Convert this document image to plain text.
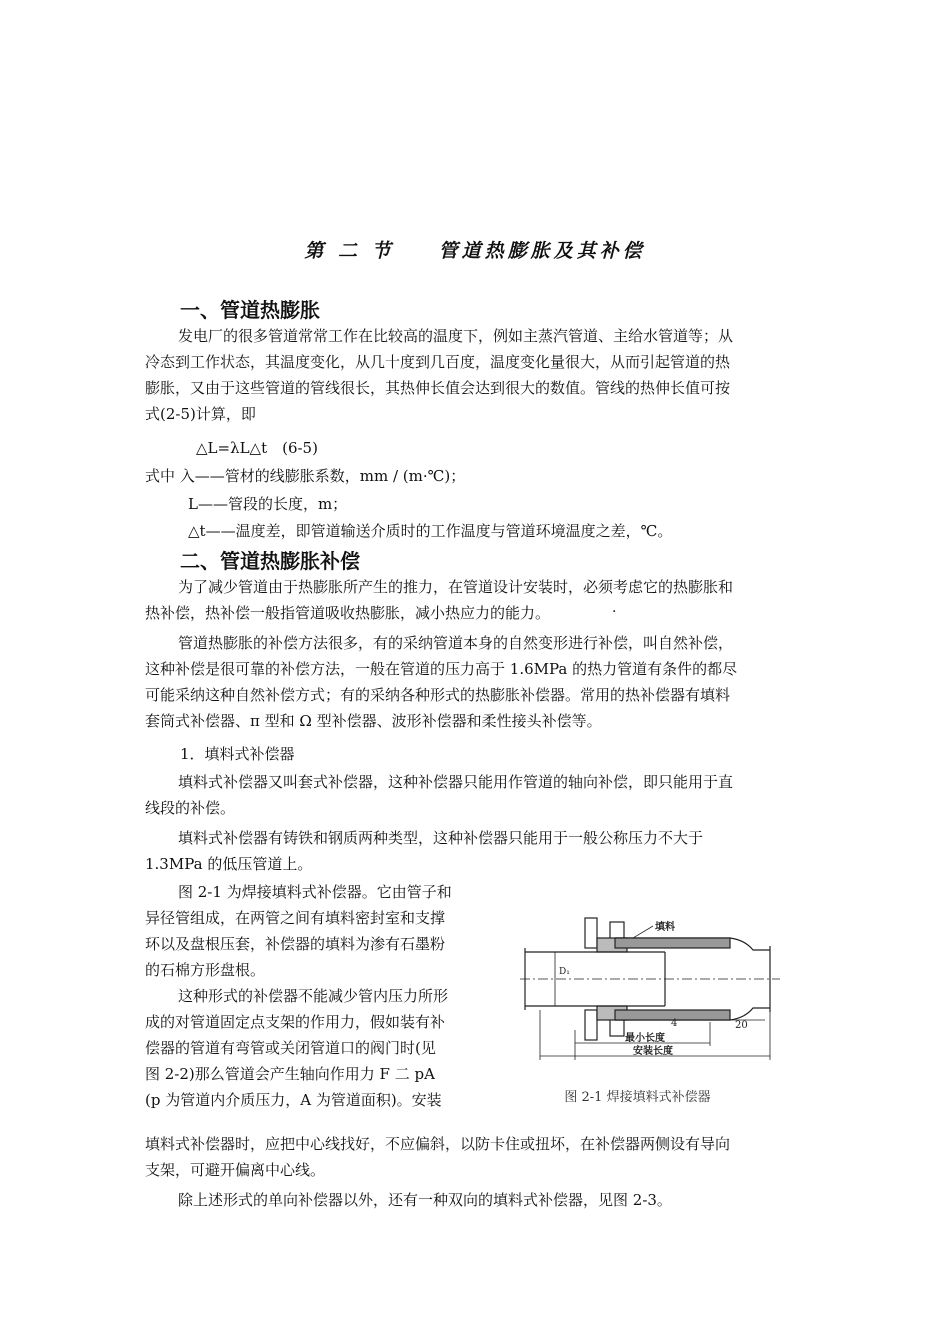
第 二 节 管道热膨胀及其补偿
一、管道热膨胀
发电厂的很多管道常常工作在比较高的温度下，例如主蒸汽管道、主给水管道等；从
冷态到工作状态，其温度变化，从几十度到几百度，温度变化量很大，从而引起管道的热
膨胀，又由于这些管道的管线很长，其热伸长值会达到很大的数值。管线的热伸长值可按
式(2-5)计算，即
△L=λL△t　(6-5)
式中 入——管材的线膨胀系数，mm / (m·℃)；
L——管段的长度，m；
△t——温度差，即管道输送介质时的工作温度与管道环境温度之差，℃。
二、管道热膨胀补偿
为了减少管道由于热膨胀所产生的推力，在管道设计安装时，必须考虑它的热膨胀和
热补偿，热补偿一般指管道吸收热膨胀，减小热应力的能力。	·
管道热膨胀的补偿方法很多，有的采纳管道本身的自然变形进行补偿，叫自然补偿，
这种补偿是很可靠的补偿方法，一般在管道的压力高于 1.6MPa 的热力管道有条件的都尽
可能采纳这种自然补偿方式；有的采纳各种形式的热膨胀补偿器。常用的热补偿器有填料
套筒式补偿器、π 型和 Ω 型补偿器、波形补偿器和柔性接头补偿等。
1．填料式补偿器
填料式补偿器又叫套式补偿器，这种补偿器只能用作管道的轴向补偿，即只能用于直
线段的补偿。
填料式补偿器有铸铁和钢质两种类型，这种补偿器只能用于一般公称压力不大于
1.3MPa 的低压管道上。
图 2-1 为焊接填料式补偿器。它由管子和
异径管组成，在两管之间有填料密封室和支撑
环以及盘根压套，补偿器的填料为渗有石墨粉
的石棉方形盘根。
这种形式的补偿器不能减少管内压力所形
成的对管道固定点支架的作用力，假如装有补
偿器的管道有弯管或关闭管道口的阀门时(见
图 2-2)那么管道会产生轴向作用力 F 二 pA
(p 为管道内介质压力，A 为管道面积)。安装
填料式补偿器时，应把中心线找好，不应偏斜，以防卡住或扭坏，在补偿器两侧设有导向
支架，可避开偏离中心线。
除上述形式的单向补偿器以外，还有一种双向的填料式补偿器，见图 2-3。
填料
D₁
4	20
最小长度
安装长度
图 2-1 焊接填料式补偿器
